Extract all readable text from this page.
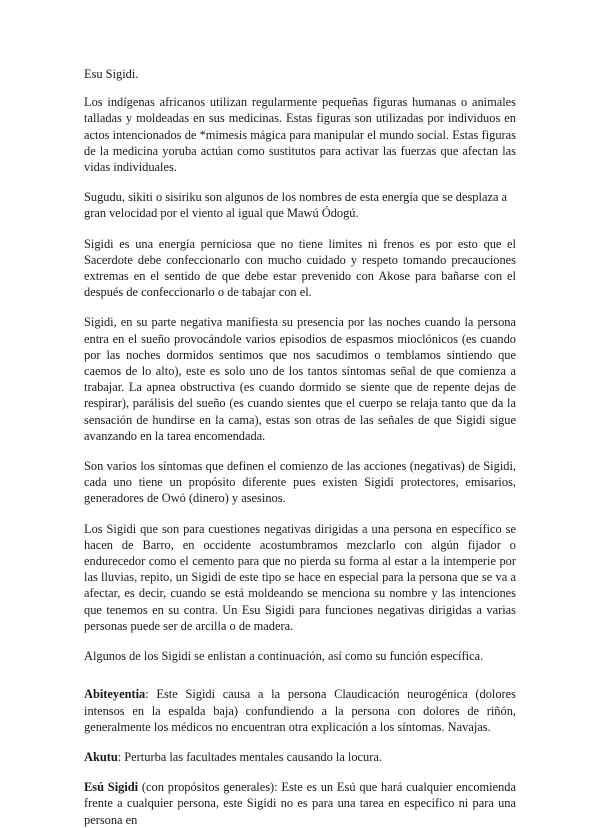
Esu Sigidi.

Los indígenas africanos utilizan regularmente pequeñas figuras humanas o animales talladas y moldeadas en sus medicinas. Estas figuras son utilizadas por individuos en actos intencionados de *mimesis mágica para manipular el mundo social. Estas figuras de la medicina yoruba actúan como sustitutos para activar las fuerzas que afectan las vidas individuales.

Sugudu, sikiti o sisiriku son algunos de los nombres de esta energía que se desplaza a gran velocidad por el viento al igual que Mawú Ódogú.

Sigidi es una energía perniciosa que no tiene limites ni frenos es por esto que el Sacerdote debe confeccionarlo con mucho cuidado y respeto tomando precauciones extremas en el sentido de que debe estar prevenido con Akose para bañarse con el después de confeccionarlo o de tabajar con el.

Sigidi, en su parte negativa manifiesta su presencia por las noches cuando la persona entra en el sueño provocándole varios episodios de espasmos mioclónicos (es cuando por las noches dormidos sentimos que nos sacudimos o temblamos sintiendo que caemos de lo alto), este es solo uno de los tantos síntomas señal de que comienza a trabajar. La apnea obstructiva (es cuando dormido se siente que de repente dejas de respirar), parálisis del sueño (es cuando sientes que el cuerpo se relaja tanto que da la sensación de hundirse en la cama), estas son otras de las señales de que Sigidi sigue avanzando en la tarea encomendada.

Son varios los síntomas que definen el comienzo de las acciones (negativas) de Sigidi, cada uno tiene un propósito diferente pues existen Sigidi protectores, emisarios, generadores de Owó (dinero) y asesinos.

Los Sigidi que son para cuestiones negativas dirigidas a una persona en específico se hacen de Barro, en occidente acostumbramos mezclarlo con algún fijador o endurecedor como el cemento para que no pierda su forma al estar a la intemperie por las lluvias, repito, un Sigidi de este tipo se hace en especial para la persona que se va a afectar, es decir, cuando se está moldeando se menciona su nombre y las intenciones que tenemos en su contra. Un Esu Sigidi para funciones negativas dirigidas a varias personas puede ser de arcilla o de madera.

Algunos de los Sigidi se enlistan a continuación, así como su función específica.

Abiteyentia: Este Sigidi causa a la persona Claudicación neurogénica (dolores intensos en la espalda baja) confundiendo a la persona con dolores de riñón, generalmente los médicos no encuentran otra explicación a los síntomas. Navajas.

Akutu: Perturba las facultades mentales causando la locura.

Esú Sigidi (con propósitos generales): Este es un Esú que hará cualquier encomienda frente a cualquier persona, este Sigidi no es para una tarea en especifico ni para una persona en
